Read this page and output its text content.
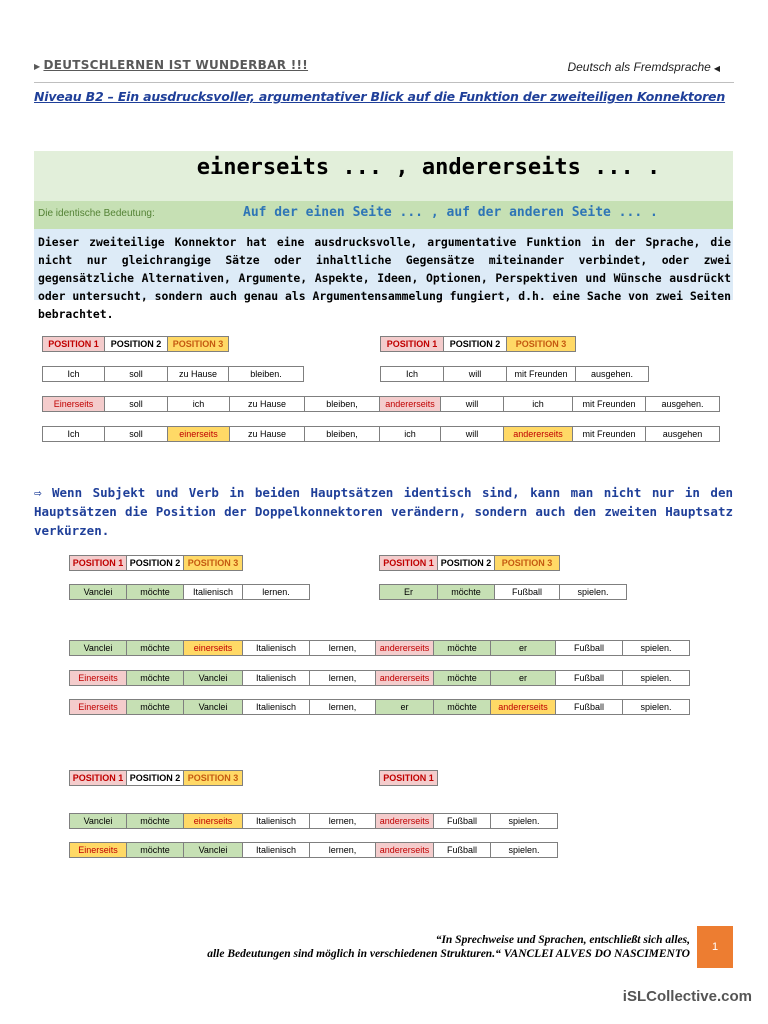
▶ DEUTSCHLERNEN IST WUNDERBAR !!!	Deutsch als Fremdsprache ◀
Niveau B2 – Ein ausdrucksvoller, argumentativer Blick auf die Funktion der zweiteiligen Konnektoren
einerseits ... , andererseits ... .
Die identische Bedeutung:	Auf der einen Seite ... , auf der anderen Seite ... .
Dieser zweiteilige Konnektor hat eine ausdrucksvolle, argumentative Funktion in der Sprache, die nicht nur gleichrangige Sätze oder inhaltliche Gegensätze miteinander verbindet, oder zwei gegensätzliche Alternativen, Argumente, Aspekte, Ideen, Optionen, Perspektiven und Wünsche ausdrückt oder untersucht, sondern auch genau als Argumentensammelung fungiert, d.h. eine Sache von zwei Seiten bebrachtet.
POSITION 1	POSITION 2	POSITION 3	POSITION 1	POSITION 2	POSITION 3
Ich	soll	zu Hause	bleiben.	Ich	will	mit Freunden	ausgehen.
Einerseits	soll	ich	zu Hause	bleiben,	andererseits	will	ich	mit Freunden	ausgehen.
Ich	soll	einerseits	zu Hause	bleiben,	ich	will	andererseits	mit Freunden	ausgehen
⇨ Wenn Subjekt und Verb in beiden Hauptsätzen identisch sind, kann man nicht nur in den Hauptsätzen die Position der Doppelkonnektoren verändern, sondern auch den zweiten Hauptsatz verkürzen.
POSITION 1 POSITION 2 POSITION 3	POSITION 1 POSITION 2	POSITION 3
Vanclei	möchte	Italienisch	lernen.	Er	möchte	Fußball	spielen.
Vanclei	möchte	einerseits	Italienisch	lernen,	andererseits	möchte	er	Fußball	spielen.
Einerseits	möchte	Vanclei	Italienisch	lernen,	andererseits	möchte	er	Fußball	spielen.
Einerseits	möchte	Vanclei	Italienisch	lernen,	er	möchte	andererseits	Fußball	spielen.
POSITION 1 POSITION 2 POSITION 3	POSITION 1
Vanclei	möchte	einerseits	Italienisch	lernen,	andererseits	Fußball	spielen.
Einerseits	möchte	Vanclei	Italienisch	lernen,	andererseits	Fußball	spielen.
“In Sprechweise und Sprachen, entschließt sich alles,
alle Bedeutungen sind möglich in verschiedenen Strukturen.“ VANCLEI ALVES DO NASCIMENTO
1
iSLCollective.com
